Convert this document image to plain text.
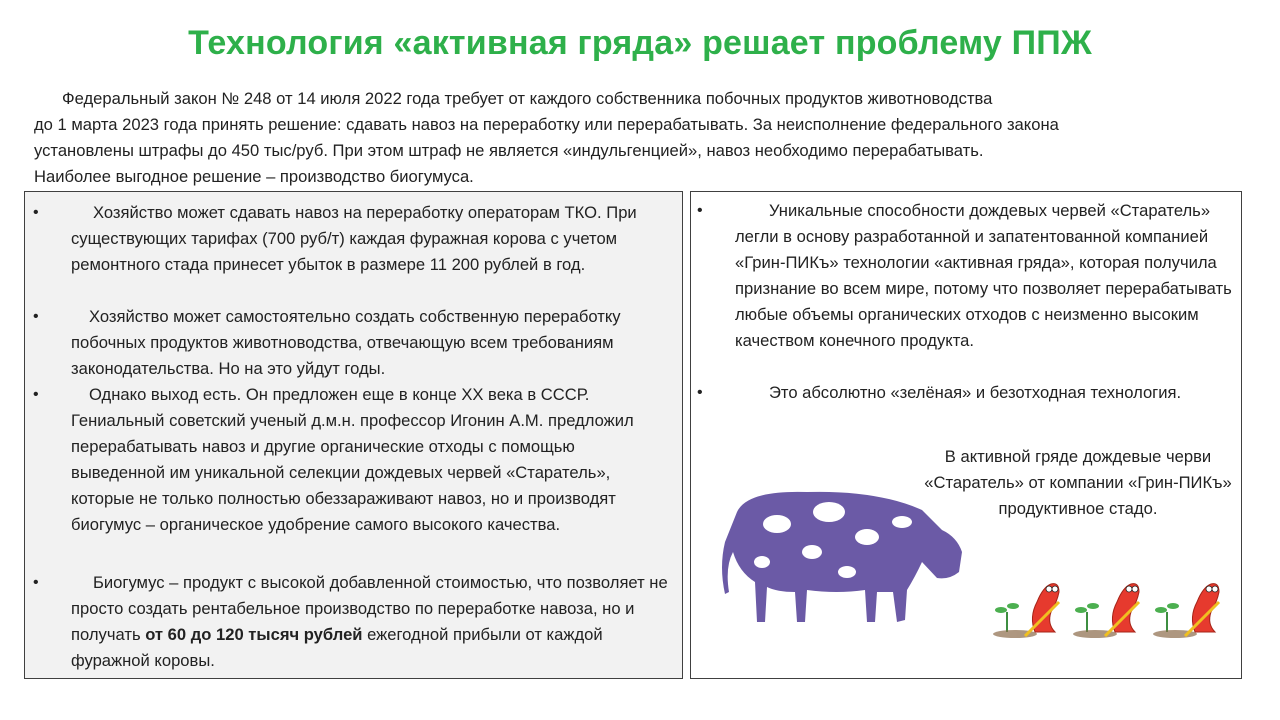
Технология «активная гряда» решает проблему ППЖ
Федеральный закон № 248 от 14 июля 2022 года требует от каждого собственника побочных продуктов животноводства
до 1 марта 2023 года принять решение: сдавать навоз на переработку или перерабатывать. За неисполнение федерального закона
установлены штрафы до 450 тыс/руб. При этом штраф не является «индульгенцией», навоз необходимо перерабатывать.
Наиболее выгодное решение – производство биогумуса.
•	Хозяйство может сдавать навоз на переработку операторам ТКО. При существующих тарифах (700 руб/т) каждая фуражная корова с учетом ремонтного стада принесет убыток в размере 11 200 рублей в год.
•	Хозяйство может самостоятельно создать собственную переработку побочных продуктов животноводства, отвечающую всем требованиям законодательства. Но на это уйдут годы.
•	Однако выход есть. Он предложен еще в конце XX века в СССР. Гениальный советский ученый д.м.н. профессор Игонин А.М. предложил перерабатывать навоз и другие органические отходы с помощью выведенной им уникальной селекции дождевых червей «Старатель», которые не только полностью обеззараживают навоз, но и производят биогумус – органическое удобрение самого высокого качества.
•	Биогумус – продукт с высокой добавленной стоимостью, что позволяет не просто создать рентабельное производство по переработке навоза, но и получать от 60 до 120 тысяч рублей ежегодной прибыли от каждой фуражной коровы.
•	Уникальные способности дождевых червей «Старатель» легли в основу разработанной и запатентованной компанией «Грин-ПИКъ» технологии «активная гряда», которая получила признание во всем мире, потому что позволяет перерабатывать любые объемы органических отходов с неизменно высоким качеством конечного продукта.
•	Это абсолютно «зелёная» и безотходная технология.
В активной гряде дождевые черви «Старатель» от компании «Грин-ПИКъ» продуктивное стадо.
